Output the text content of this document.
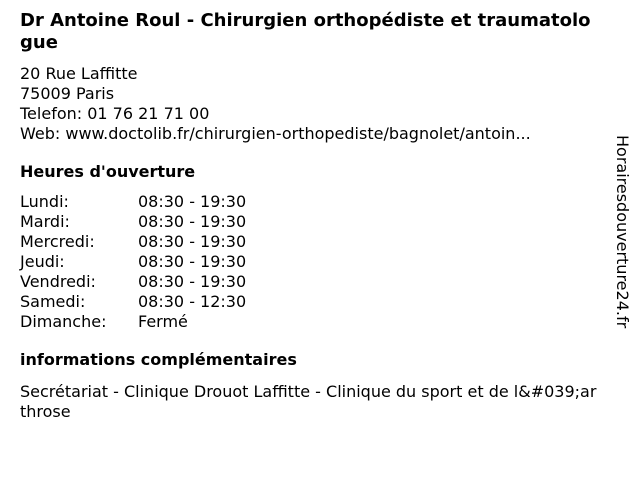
Dr Antoine Roul - Chirurgien orthopédiste et traumatologue
20 Rue Laffitte
75009 Paris
Telefon: 01 76 21 71 00
Web: www.doctolib.fr/chirurgien-orthopediste/bagnolet/antoin...
Heures d'ouverture
Lundi:	08:30 - 19:30
Mardi:	08:30 - 19:30
Mercredi:	08:30 - 19:30
Jeudi:	08:30 - 19:30
Vendredi:	08:30 - 19:30
Samedi:	08:30 - 12:30
Dimanche:	Fermé
informations complémentaires
Secrétariat - Clinique Drouot Laffitte - Clinique du sport et de l&#039;arthrose
Horairesdouverture24.fr
